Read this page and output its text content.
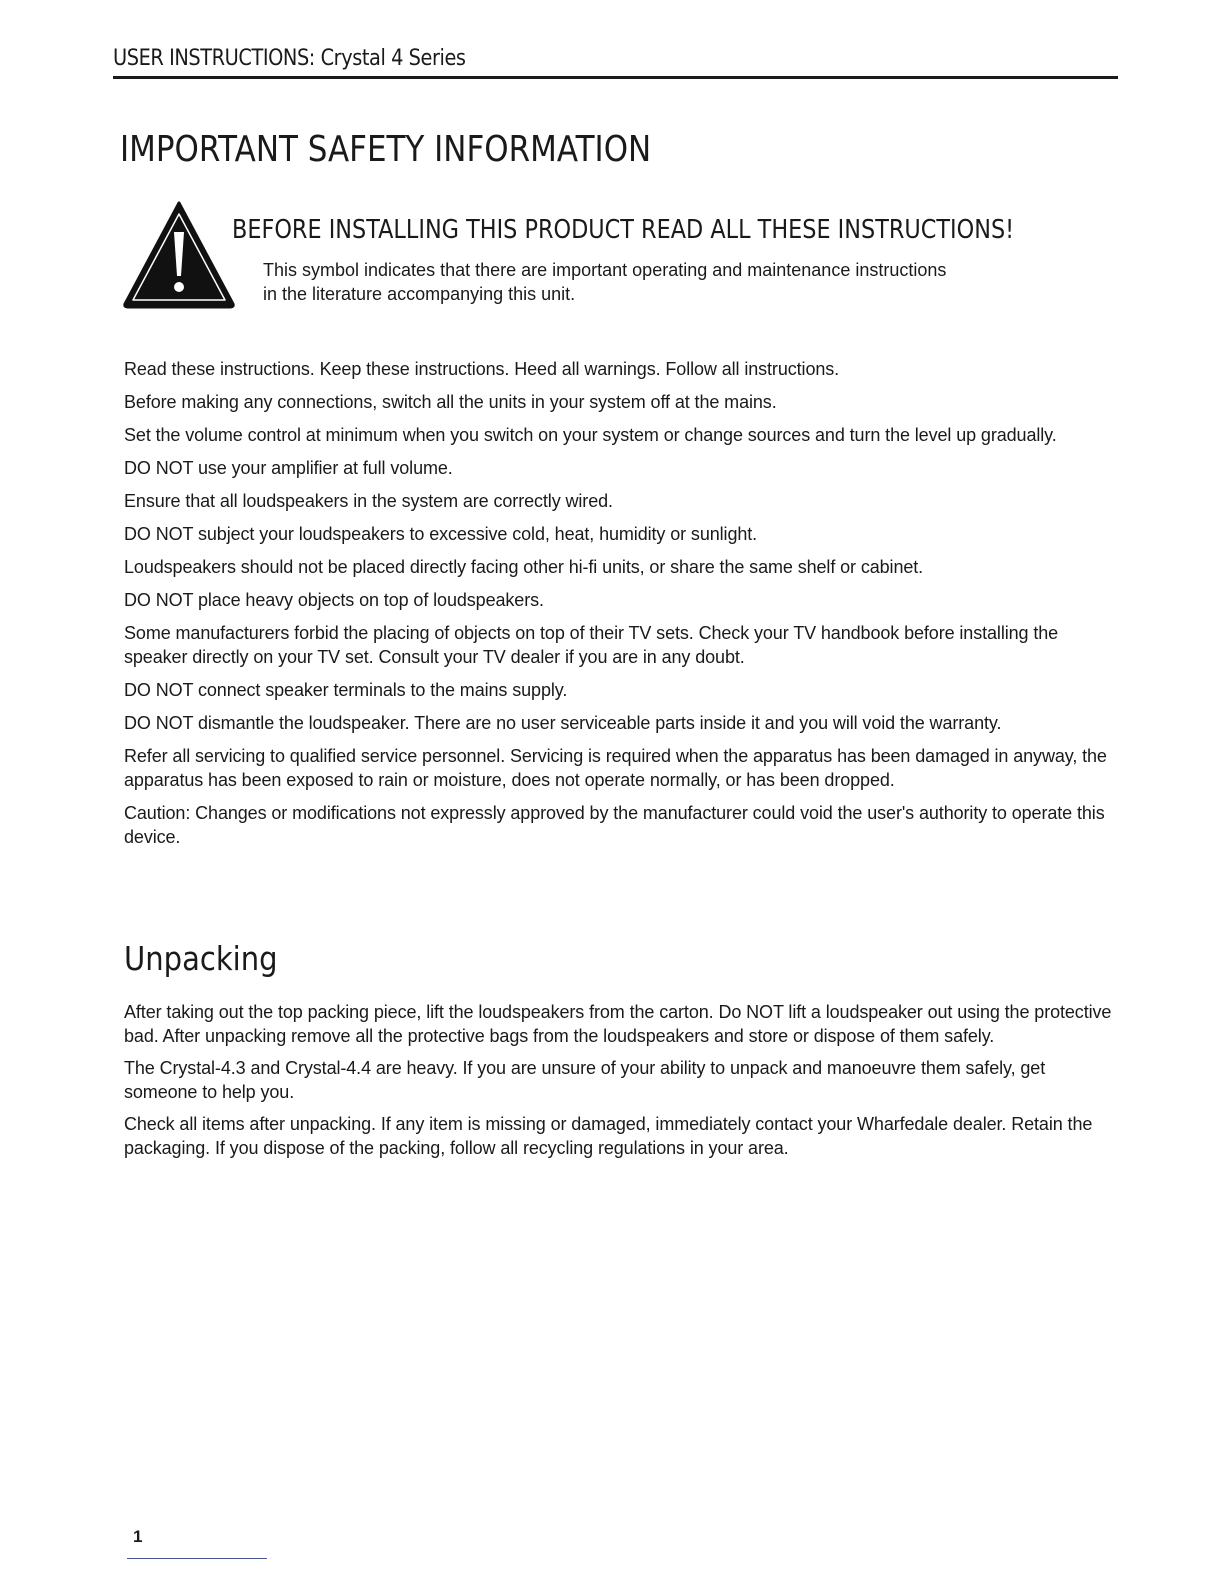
USER INSTRUCTIONS: Crystal 4 Series
IMPORTANT SAFETY INFORMATION
BEFORE INSTALLING THIS PRODUCT READ ALL THESE INSTRUCTIONS!

This symbol indicates that there are important operating and maintenance instructions in the literature accompanying this unit.

Read these instructions. Keep these instructions. Heed all warnings. Follow all instructions.

Before making any connections, switch all the units in your system off at the mains.

Set the volume control at minimum when you switch on your system or change sources and turn the level up gradually.

DO NOT use your amplifier at full volume.

Ensure that all loudspeakers in the system are correctly wired.

DO NOT subject your loudspeakers to excessive cold, heat, humidity or sunlight.

Loudspeakers should not be placed directly facing other hi-fi units, or share the same shelf or cabinet.

DO NOT place heavy objects on top of loudspeakers.

Some manufacturers forbid the placing of objects on top of their TV sets. Check your TV handbook before installing the speaker directly on your TV set. Consult your TV dealer if you are in any doubt.

DO NOT connect speaker terminals to the mains supply.

DO NOT dismantle the loudspeaker. There are no user serviceable parts inside it and you will void the warranty.

Refer all servicing to qualified service personnel. Servicing is required when the apparatus has been damaged in anyway, the apparatus has been exposed to rain or moisture, does not operate normally, or has been dropped.

Caution: Changes or modifications not expressly approved by the manufacturer could void the user's authority to operate this device.

Unpacking

After taking out the top packing piece, lift the loudspeakers from the carton. Do NOT lift a loudspeaker out using the protective bad. After unpacking remove all the protective bags from the loudspeakers and store or dispose of them safely.

The Crystal-4.3 and Crystal-4.4 are heavy. If you are unsure of your ability to unpack and manoeuvre them safely, get someone to help you.

Check all items after unpacking. If any item is missing or damaged, immediately contact your Wharfedale dealer. Retain the packaging. If you dispose of the packing, follow all recycling regulations in your area.

1
